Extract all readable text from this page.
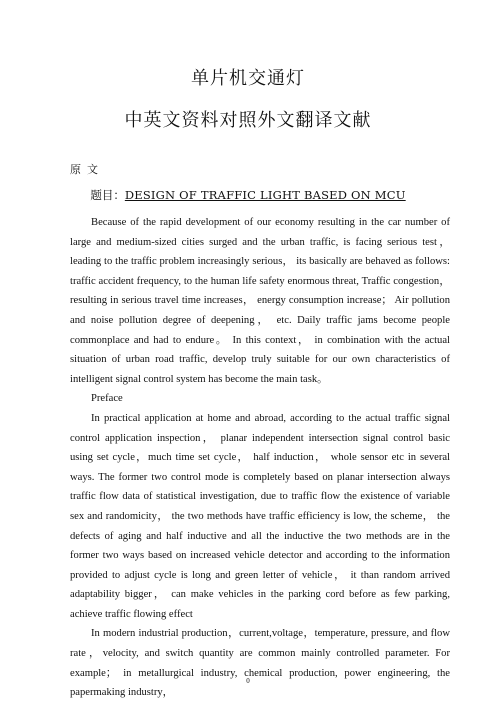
单片机交通灯
中英文资料对照外文翻译文献
原文
题目：DESIGN OF TRAFFIC LIGHT BASED ON MCU

Because of the rapid development of our economy resulting in the car number of large and medium-sized cities surged and the urban traffic, is facing serious test， leading to the traffic problem increasingly serious， its basically are behaved as follows: traffic accident frequency, to the human life safety enormous threat, Traffic congestion， resulting in serious travel time increases， energy consumption increase； Air pollution and noise pollution degree of deepening， etc. Daily traffic jams become people commonplace and had to endure。 In this context， in combination with the actual situation of urban road traffic, develop truly suitable for our own characteristics of intelligent signal control system has become the main task。

Preface

In practical application at home and abroad, according to the actual traffic signal control application inspection， planar independent intersection signal control basic using set cycle，much time set cycle， half induction， whole sensor etc in several ways. The former two control mode is completely based on planar intersection always traffic flow data of statistical investigation, due to traffic flow the existence of variable sex and randomicity， the two methods have traffic efficiency is low, the scheme， the defects of aging and half inductive and all the inductive the two methods are in the former two ways based on increased vehicle detector and according to the information provided to adjust cycle is long and green letter of vehicle， it than random arrived adaptability bigger， can make vehicles in the parking cord before as few parking, achieve traffic flowing effect

In modern industrial production，current,voltage，temperature, pressure, and flow rate，velocity, and switch quantity are common mainly controlled parameter. For example； in metallurgical industry, chemical production, power engineering, the papermaking industry，

0
